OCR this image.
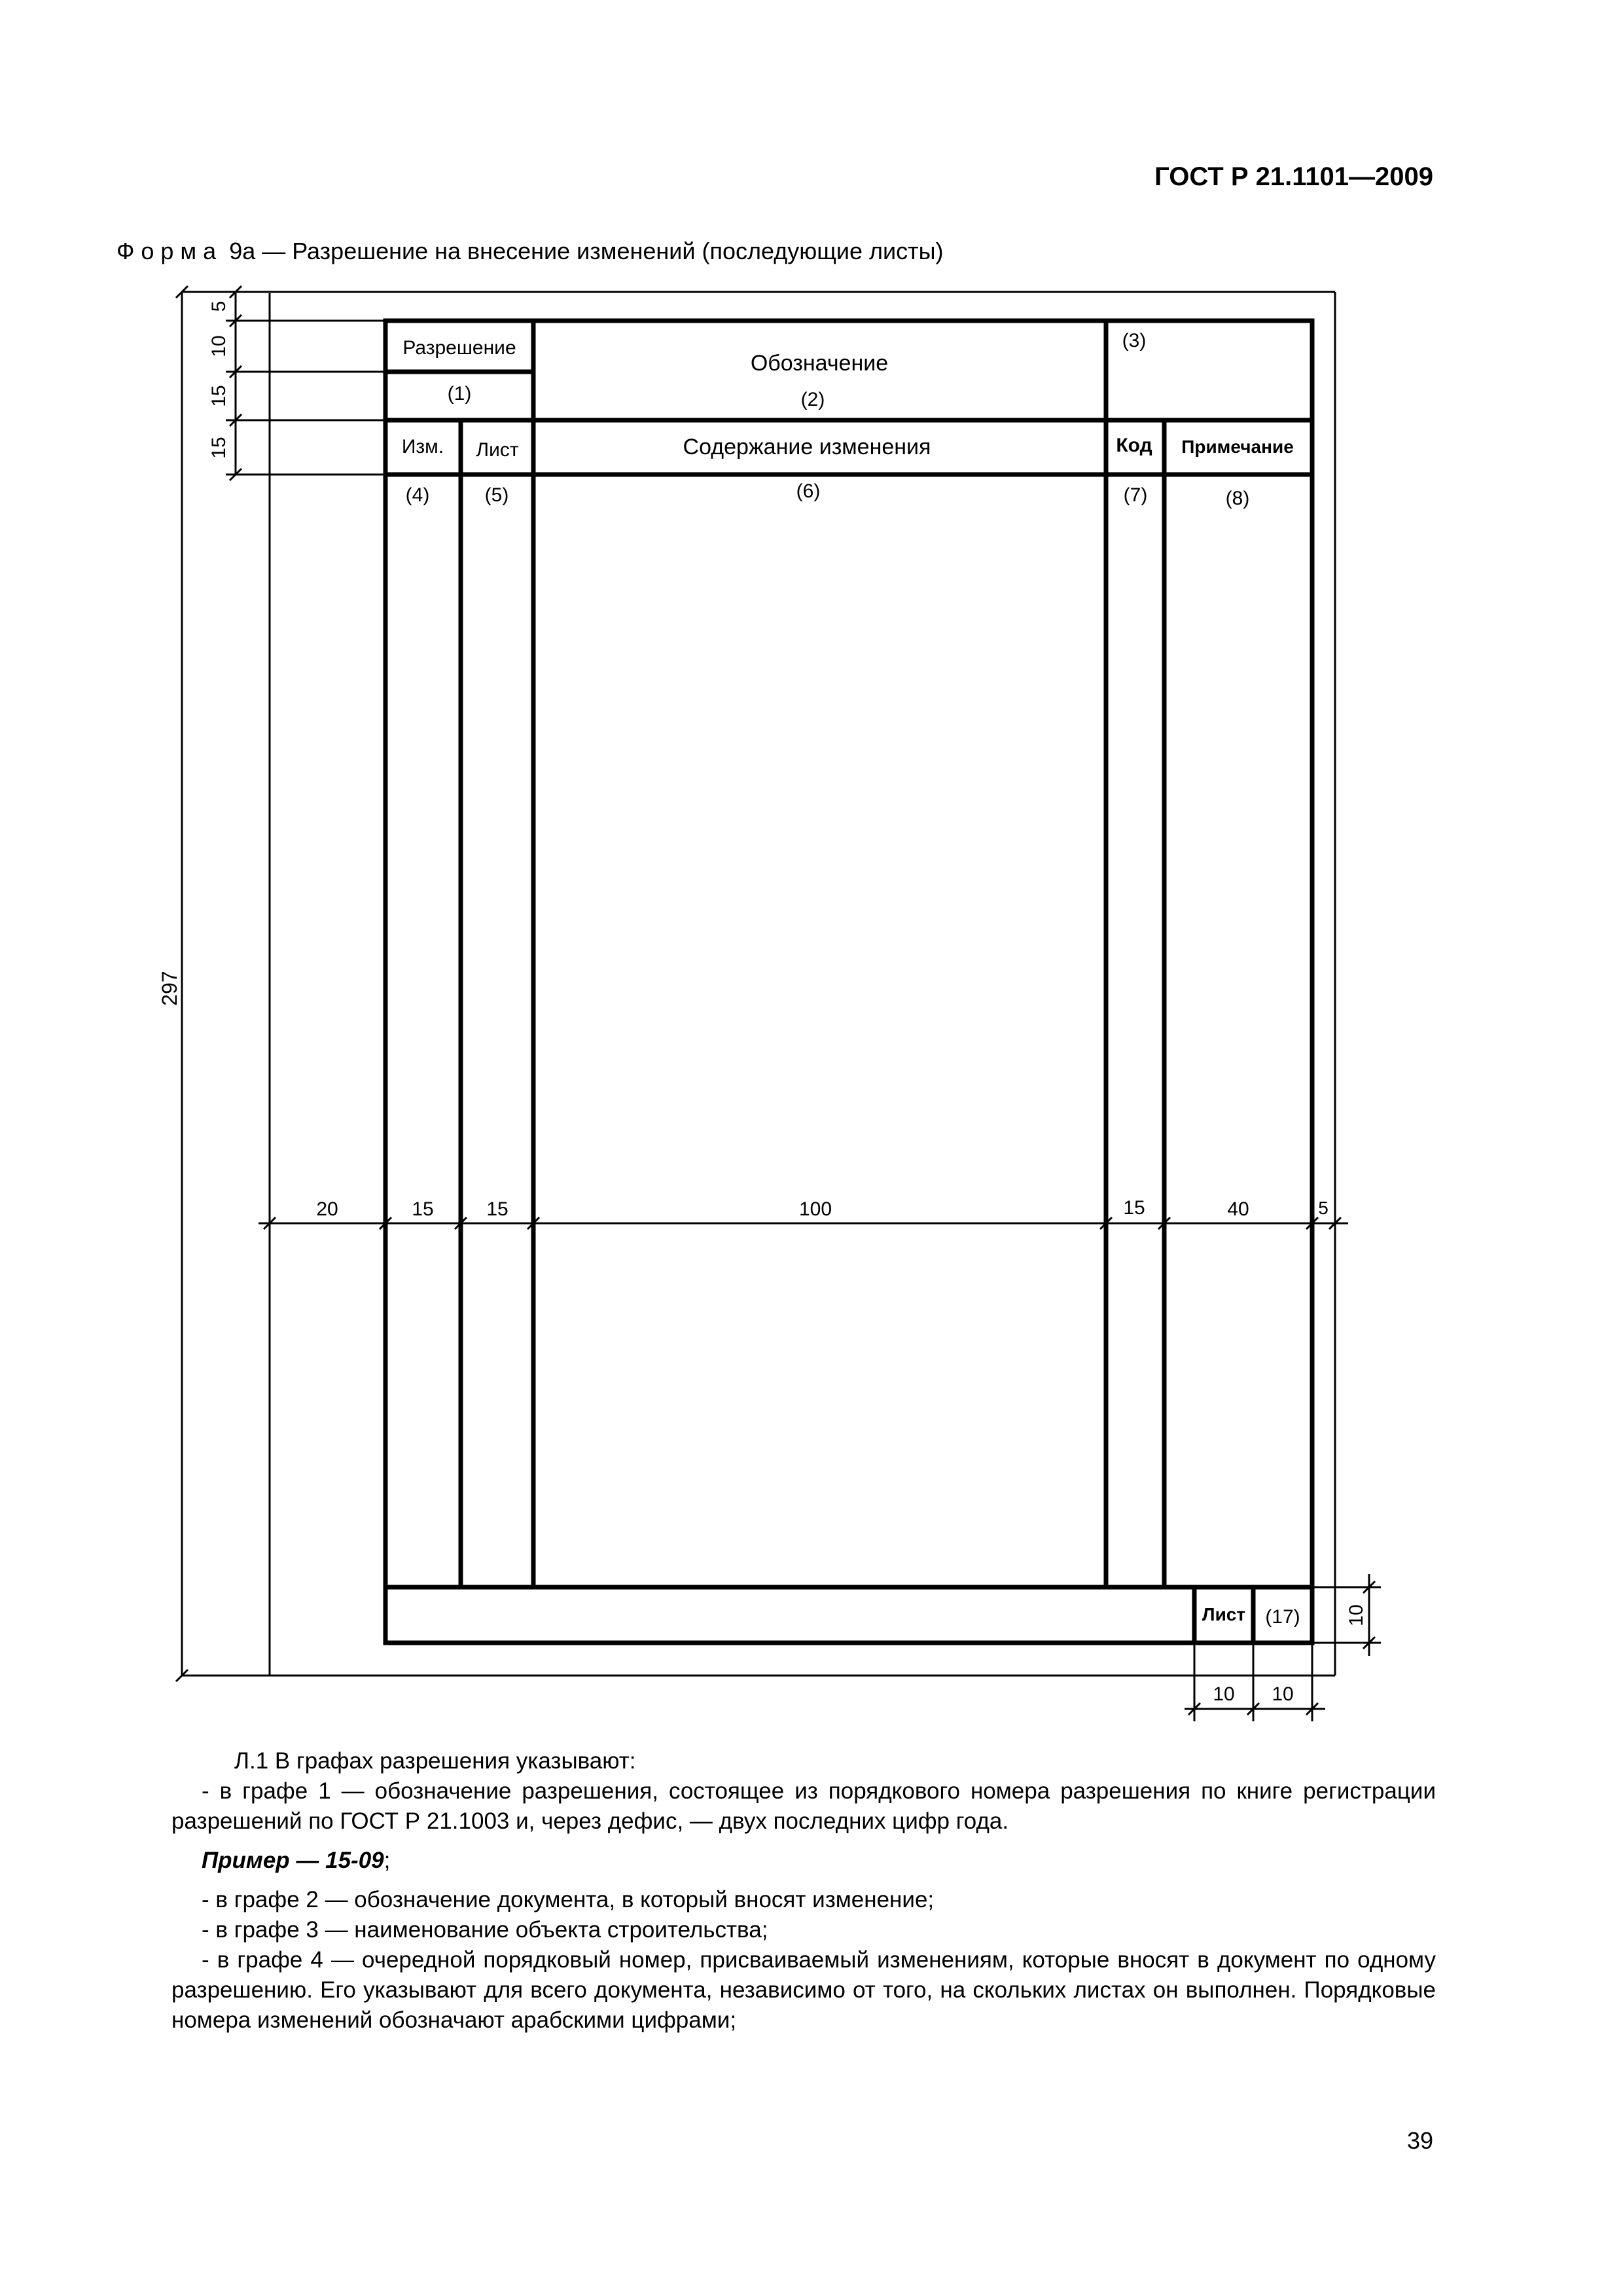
ГОСТ Р 21.1101—2009
Форма 9а — Разрешение на внесение изменений (последующие листы)
Разрешение
(1)
Обозначение
(2)
(3)
Изм. Лист	Содержание изменения	Код Примечание
(4)	(5)	(6)	(7)	(8)
Лист (17)
5
10
15
15
297
20	15	15	100	15	40	5
10
10 10

Л.1 В графах разрешения указывают:

- в графе 1 — обозначение разрешения, состоящее из порядкового номера разрешения по книге регистрации разрешений по ГОСТ Р 21.1003 и, через дефис, — двух последних цифр года.

Пример — 15-09;

- в графе 2 — обозначение документа, в который вносят изменение;

- в графе 3 — наименование объекта строительства;

- в графе 4 — очередной порядковый номер, присваиваемый изменениям, которые вносят в документ по одному разрешению. Его указывают для всего документа, независимо от того, на скольких листах он выполнен. Порядковые номера изменений обозначают арабскими цифрами;

39
